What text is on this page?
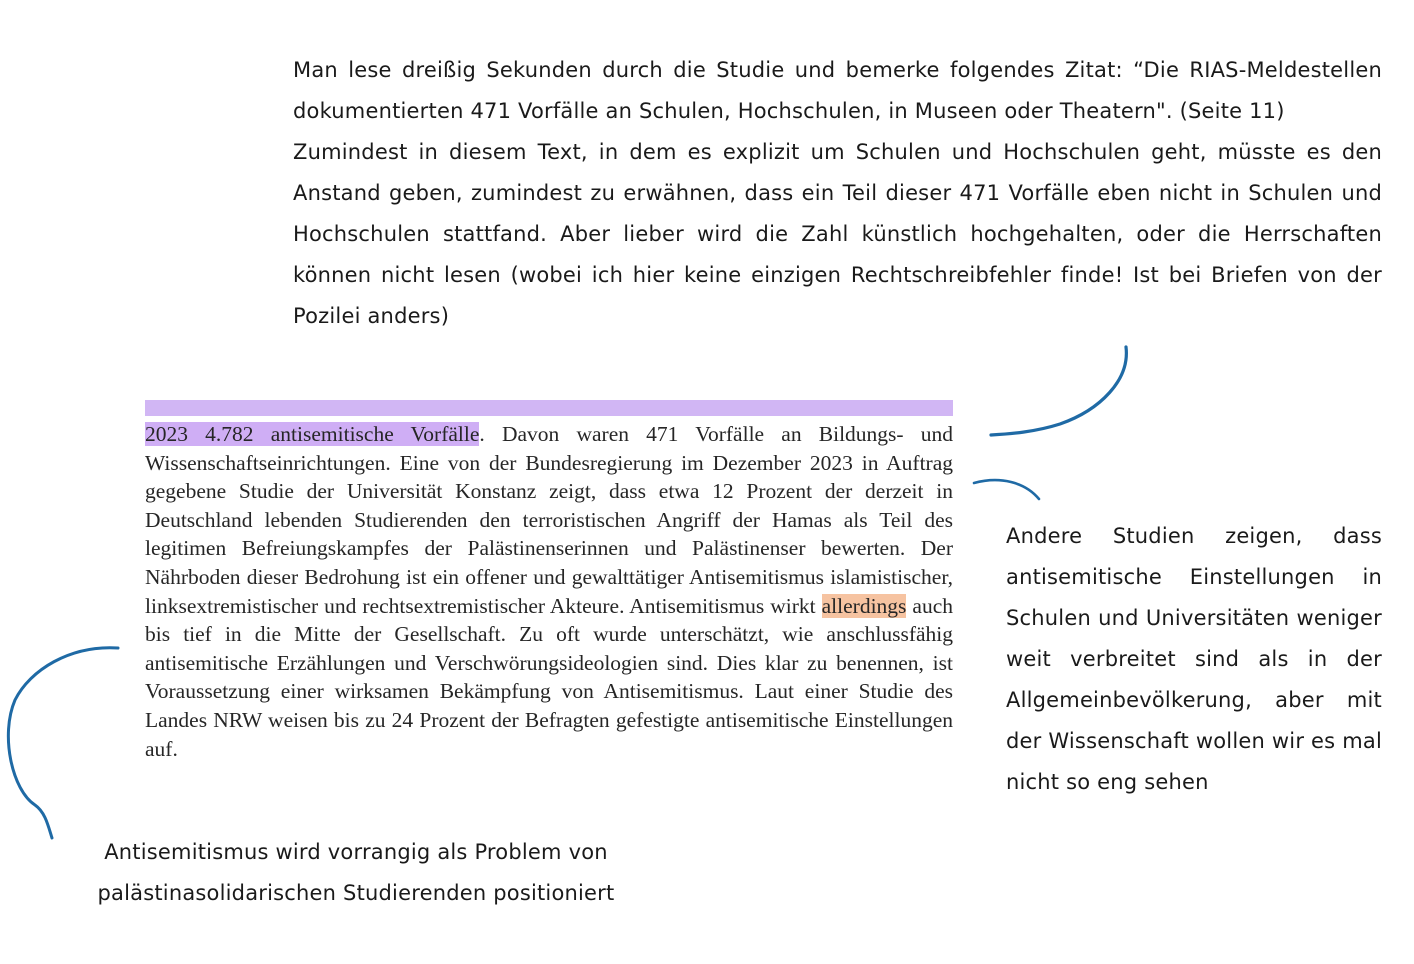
Man lese dreißig Sekunden durch die Studie und bemerke folgendes Zitat: “Die RIAS-Meldestellen dokumentierten 471 Vorfälle an Schulen, Hochschulen, in Museen oder Theatern". (Seite 11)

Zumindest in diesem Text, in dem es explizit um Schulen und Hochschulen geht, müsste es den Anstand geben, zumindest zu erwähnen, dass ein Teil dieser 471 Vorfälle eben nicht in Schulen und Hochschulen stattfand. Aber lieber wird die Zahl künstlich hochgehalten, oder die Herrschaften können nicht lesen (wobei ich hier keine einzigen Rechtschreibfehler finde! Ist bei Briefen von der Pozilei anders)

2023 4.782 antisemitische Vorfälle. Davon waren 471 Vorfälle an Bildungs- und Wissenschaftseinrichtungen. Eine von der Bundesregierung im Dezember 2023 in Auftrag gegebene Studie der Universität Konstanz zeigt, dass etwa 12 Prozent der derzeit in Deutschland lebenden Studierenden den terroristischen Angriff der Hamas als Teil des legitimen Befreiungskampfes der Palästinenserinnen und Palästinenser bewerten. Der Nährboden dieser Bedrohung ist ein offener und gewalttätiger Antisemitismus islamistischer, linksextremistischer und rechtsextremistischer Akteure. Antisemitismus wirkt allerdings auch bis tief in die Mitte der Gesellschaft. Zu oft wurde unterschätzt, wie anschlussfähig antisemitische Erzählungen und Verschwörungsideologien sind. Dies klar zu benennen, ist Voraussetzung einer wirksamen Bekämpfung von Antisemitismus. Laut einer Studie des Landes NRW weisen bis zu 24 Prozent der Befragten gefestigte antisemitische Einstellungen auf.

Andere Studien zeigen, dass antisemitische Einstellungen in Schulen und Universitäten weniger weit verbreitet sind als in der Allgemeinbevölkerung, aber mit der Wissenschaft wollen wir es mal nicht so eng sehen

Antisemitismus wird vorrangig als Problem von

palästinasolidarischen Studierenden positioniert
